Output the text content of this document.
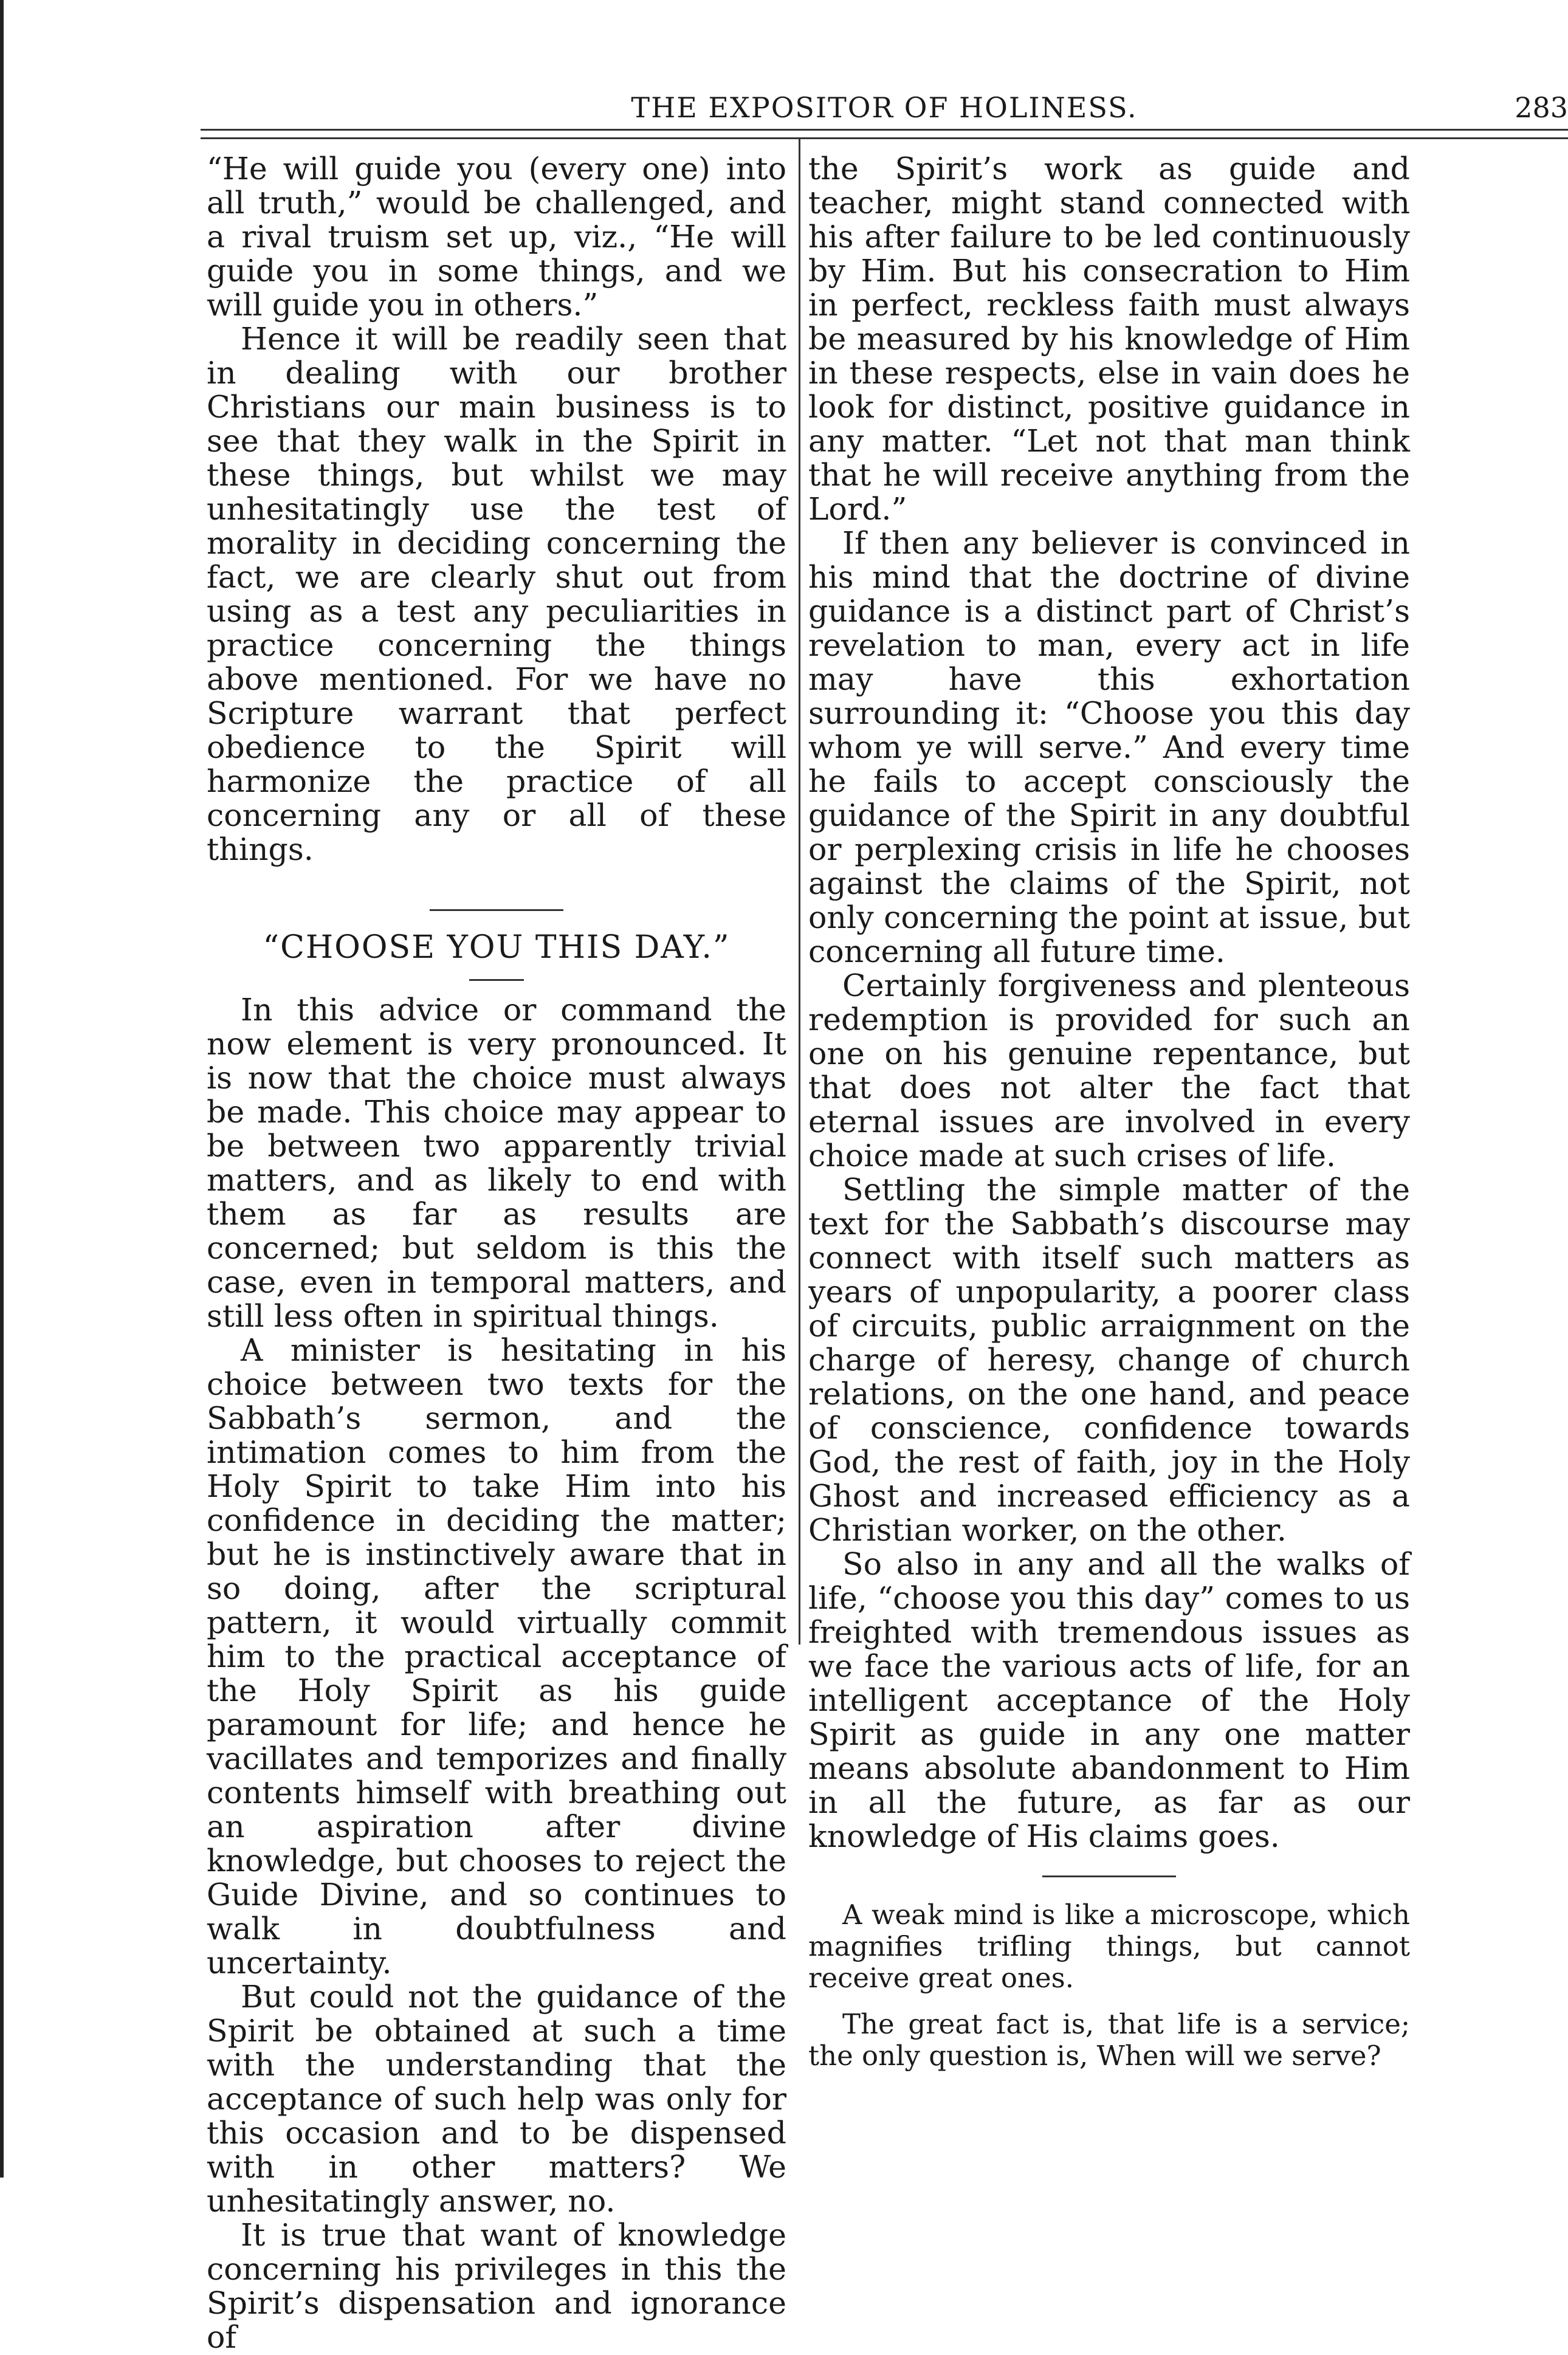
THE EXPOSITOR OF HOLINESS.	283

“He will guide you (every one) into all truth,” would be challenged, and a rival truism set up, viz., “He will guide you in some things, and we will guide you in others.”

Hence it will be readily seen that in dealing with our brother Christians our main business is to see that they walk in the Spirit in these things, but whilst we may unhesitatingly use the test of morality in deciding concerning the fact, we are clearly shut out from using as a test any peculiarities in practice concerning the things above mentioned. For we have no Scripture warrant that perfect obedience to the Spirit will harmonize the practice of all concerning any or all of these things.

“CHOOSE YOU THIS DAY.”

In this advice or command the now element is very pronounced. It is now that the choice must always be made. This choice may appear to be between two apparently trivial matters, and as likely to end with them as far as results are concerned; but seldom is this the case, even in temporal matters, and still less often in spiritual things.

A minister is hesitating in his choice between two texts for the Sabbath’s sermon, and the intimation comes to him from the Holy Spirit to take Him into his confidence in deciding the matter; but he is instinctively aware that in so doing, after the scriptural pattern, it would virtually commit him to the practical acceptance of the Holy Spirit as his guide paramount for life; and hence he vacillates and temporizes and finally contents himself with breathing out an aspiration after divine knowledge, but chooses to reject the Guide Divine, and so continues to walk in doubtfulness and uncertainty.

But could not the guidance of the Spirit be obtained at such a time with the understanding that the acceptance of such help was only for this occasion and to be dispensed with in other matters? We unhesitatingly answer, no.

It is true that want of knowledge concerning his privileges in this the Spirit’s dispensation and ignorance of

the Spirit’s work as guide and teacher, might stand connected with his after failure to be led continuously by Him. But his consecration to Him in perfect, reckless faith must always be measured by his knowledge of Him in these respects, else in vain does he look for distinct, positive guidance in any matter. “Let not that man think that he will receive anything from the Lord.”

If then any believer is convinced in his mind that the doctrine of divine guidance is a distinct part of Christ’s revelation to man, every act in life may have this exhortation surrounding it: “Choose you this day whom ye will serve.” And every time he fails to accept consciously the guidance of the Spirit in any doubtful or perplexing crisis in life he chooses against the claims of the Spirit, not only concerning the point at issue, but concerning all future time.

Certainly forgiveness and plenteous redemption is provided for such an one on his genuine repentance, but that does not alter the fact that eternal issues are involved in every choice made at such crises of life.

Settling the simple matter of the text for the Sabbath’s discourse may connect with itself such matters as years of unpopularity, a poorer class of circuits, public arraignment on the charge of heresy, change of church relations, on the one hand, and peace of conscience, confidence towards God, the rest of faith, joy in the Holy Ghost and increased efficiency as a Christian worker, on the other.

So also in any and all the walks of life, “choose you this day” comes to us freighted with tremendous issues as we face the various acts of life, for an intelligent acceptance of the Holy Spirit as guide in any one matter means absolute abandonment to Him in all the future, as far as our knowledge of His claims goes.

A weak mind is like a microscope, which magnifies trifling things, but cannot receive great ones.

The great fact is, that life is a service; the only question is, When will we serve?
